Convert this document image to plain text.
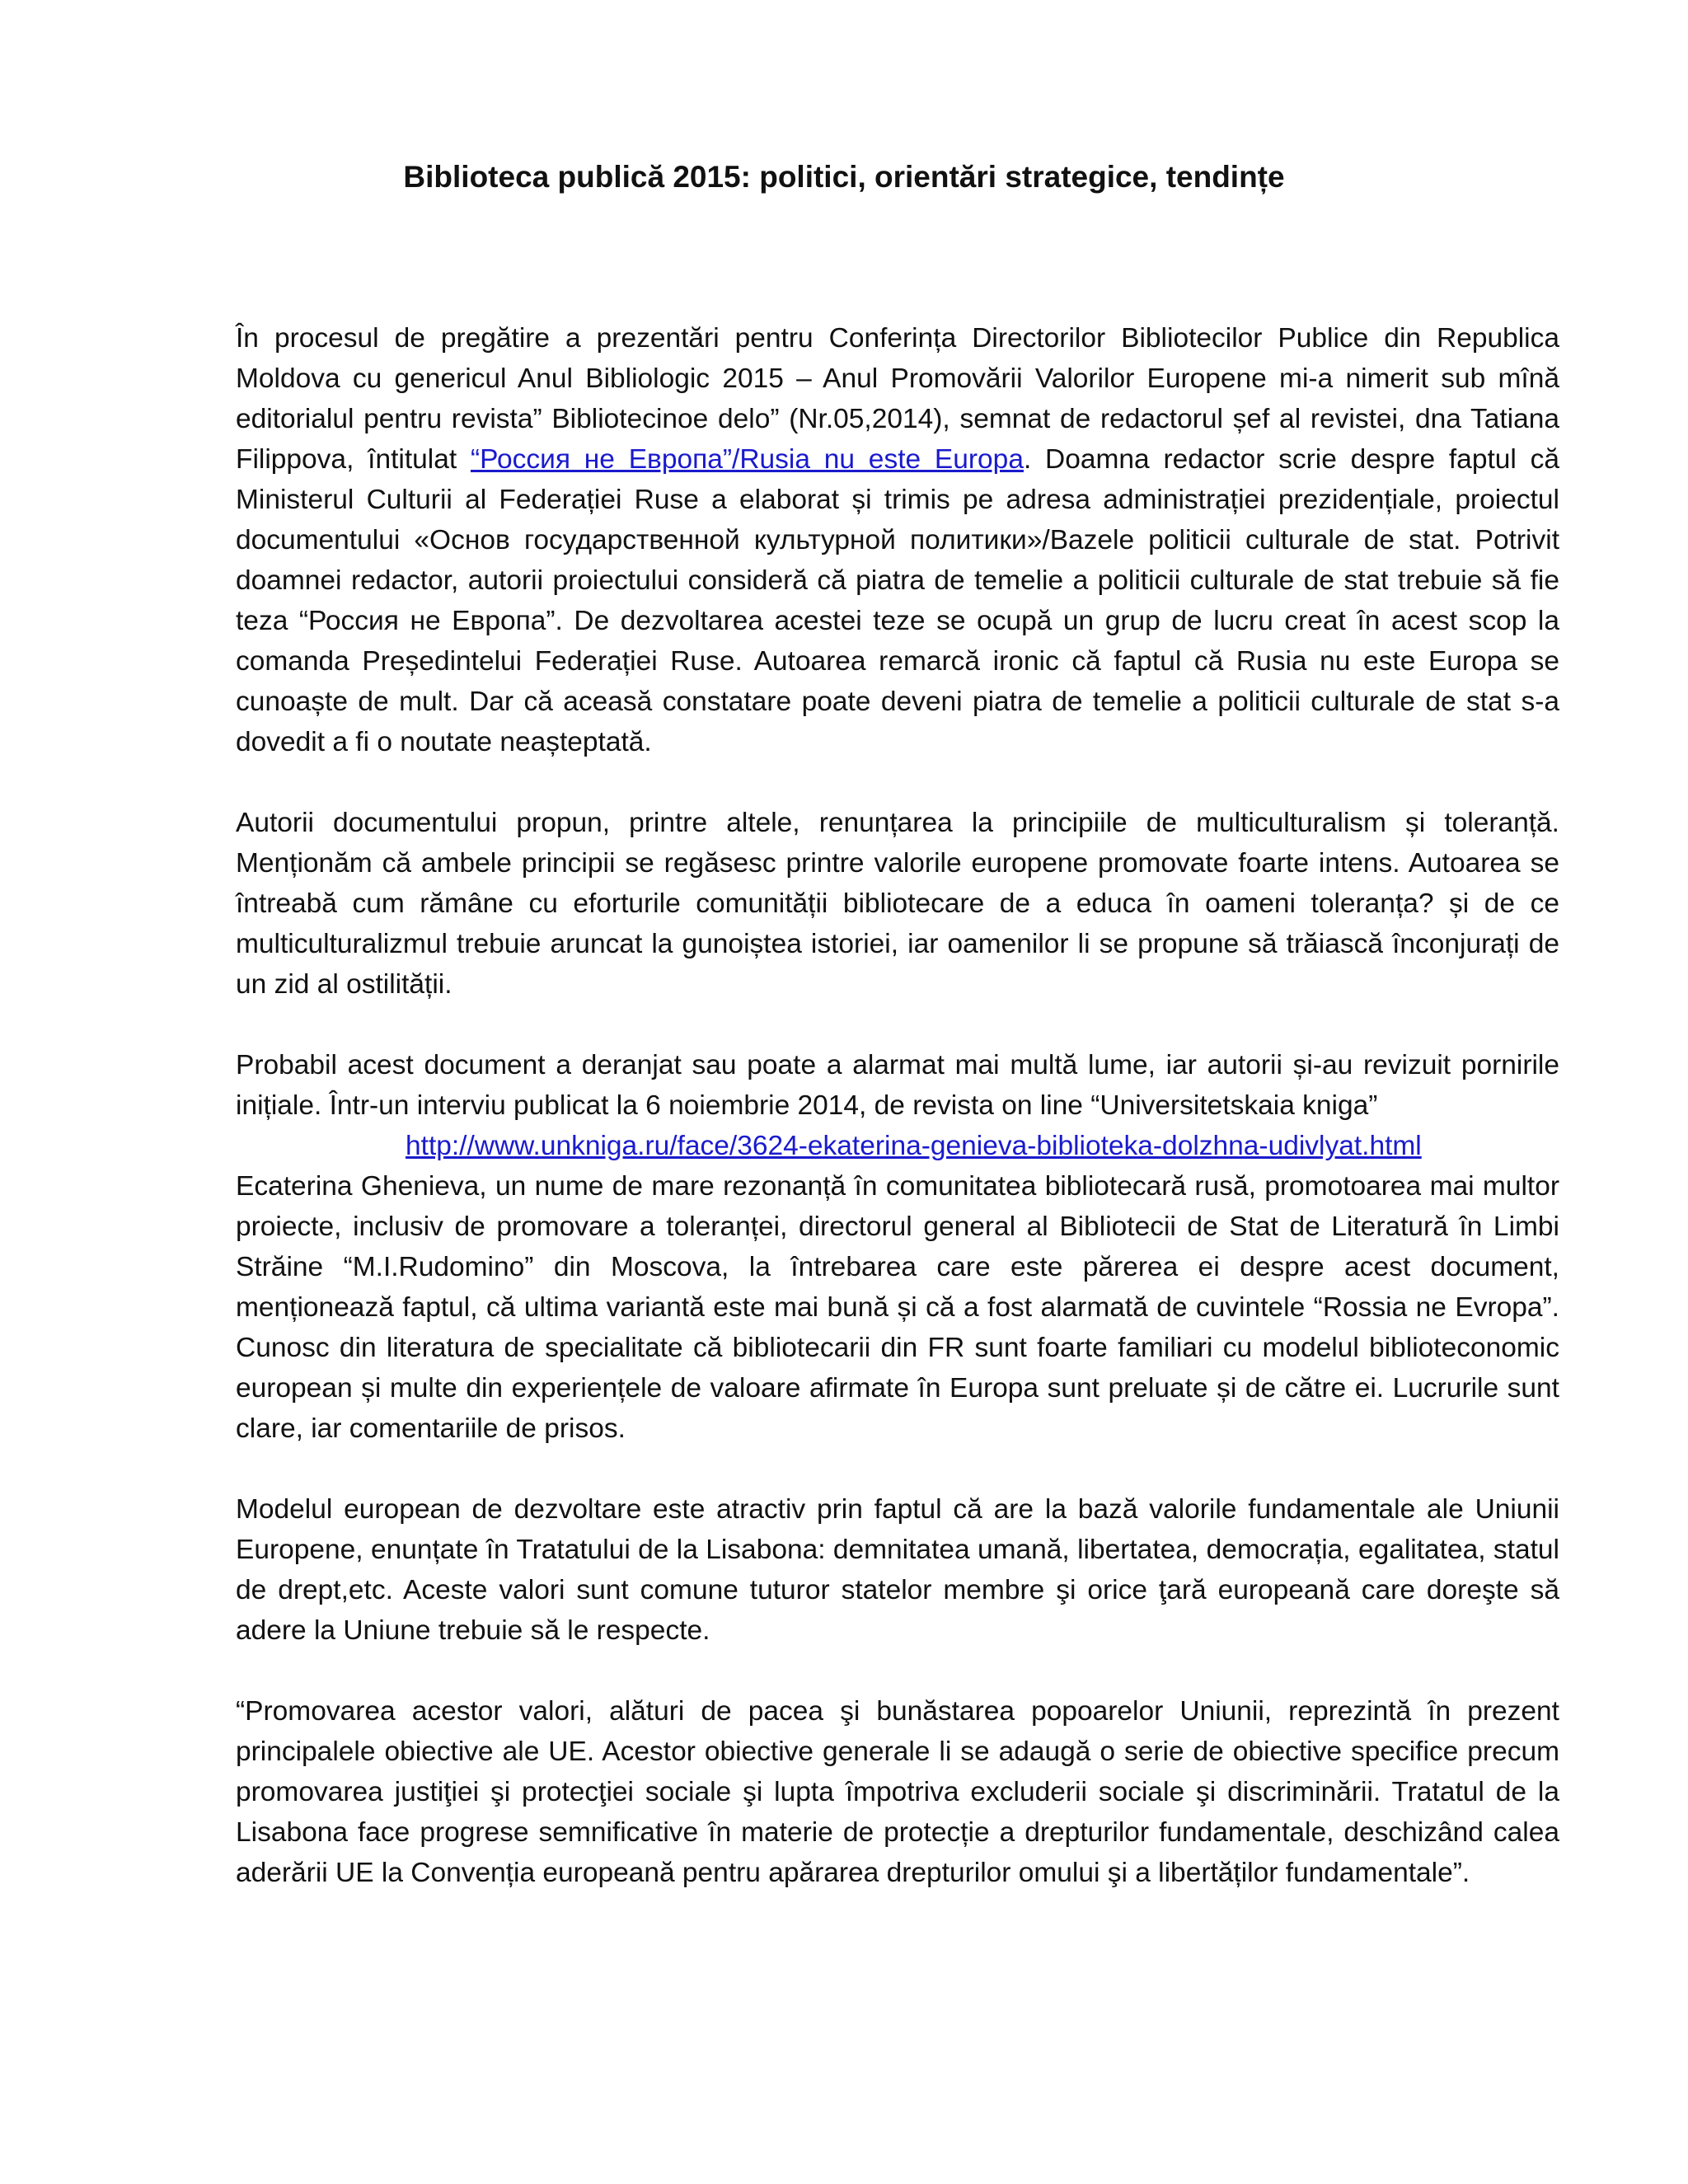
Biblioteca publică 2015: politici, orientări strategice, tendințe

În procesul de pregătire a prezentări pentru Conferința Directorilor Bibliotecilor Publice din Republica Moldova cu genericul Anul Bibliologic 2015 – Anul Promovării Valorilor Europene mi-a nimerit sub mînă editorialul pentru revista” Bibliotecinoe delo” (Nr.05,2014), semnat de redactorul șef al revistei, dna Tatiana Filippova, întitulat “Россия не Европа”/Rusia nu este Europa. Doamna redactor scrie despre faptul că Ministerul Culturii al Federației Ruse a elaborat și trimis pe adresa administrației prezidențiale, proiectul documentului «Основ государственной культурной политики»/Bazele politicii culturale de stat. Potrivit doamnei redactor, autorii proiectului consideră că piatra de temelie a politicii culturale de stat trebuie să fie teza “Россия не Европа”. De dezvoltarea acestei teze se ocupă un grup de lucru creat în acest scop la comanda Președintelui Federației Ruse. Autoarea remarcă ironic că faptul că Rusia nu este Europa se cunoaște de mult. Dar că aceasă constatare poate deveni piatra de temelie a politicii culturale de stat s-a dovedit a fi o noutate neașteptată.

Autorii documentului propun, printre altele, renunțarea la principiile de multiculturalism și toleranță. Menționăm că ambele principii se regăsesc printre valorile europene promovate foarte intens. Autoarea se întreabă cum rămâne cu eforturile comunității bibliotecare de a educa în oameni toleranța? și de ce multiculturalizmul trebuie aruncat la gunoiștea istoriei, iar oamenilor li se propune să trăiască înconjurați de un zid al ostilității.

Probabil acest document a deranjat sau poate a alarmat mai multă lume, iar autorii și-au revizuit pornirile inițiale. Într-un interviu publicat la 6 noiembrie 2014, de revista on line “Universitetskaia kniga”
http://www.unkniga.ru/face/3624-ekaterina-genieva-biblioteka-dolzhna-udivlyat.html
Ecaterina Ghenieva, un nume de mare rezonanță în comunitatea bibliotecară rusă, promotoarea mai multor proiecte, inclusiv de promovare a toleranței, directorul general al Bibliotecii de Stat de Literatură în Limbi Străine “M.I.Rudomino” din Moscova, la întrebarea care este părerea ei despre acest document, menționează faptul, că ultima variantă este mai bună și că a fost alarmată de cuvintele “Rossia ne Evropa”. Cunosc din literatura de specialitate că bibliotecarii din FR sunt foarte familiari cu modelul biblioteconomic european și multe din experiențele de valoare afirmate în Europa sunt preluate și de către ei. Lucrurile sunt clare, iar comentariile de prisos.

Modelul european de dezvoltare este atractiv prin faptul că are la bază valorile fundamentale ale Uniunii Europene, enunțate în Tratatului de la Lisabona: demnitatea umană, libertatea, democrația, egalitatea, statul de drept,etc. Aceste valori sunt comune tuturor statelor membre şi orice ţară europeană care doreşte să adere la Uniune trebuie să le respecte.

“Promovarea acestor valori, alături de pacea şi bunăstarea popoarelor Uniunii, reprezintă în prezent principalele obiective ale UE. Acestor obiective generale li se adaugă o serie de obiective specifice precum promovarea justiţiei şi protecţiei sociale şi lupta împotriva excluderii sociale şi discriminării. Tratatul de la Lisabona face progrese semnificative în materie de protecție a drepturilor fundamentale, deschizând calea aderării UE la Convenția europeană pentru apărarea drepturilor omului şi a libertăților fundamentale”.
